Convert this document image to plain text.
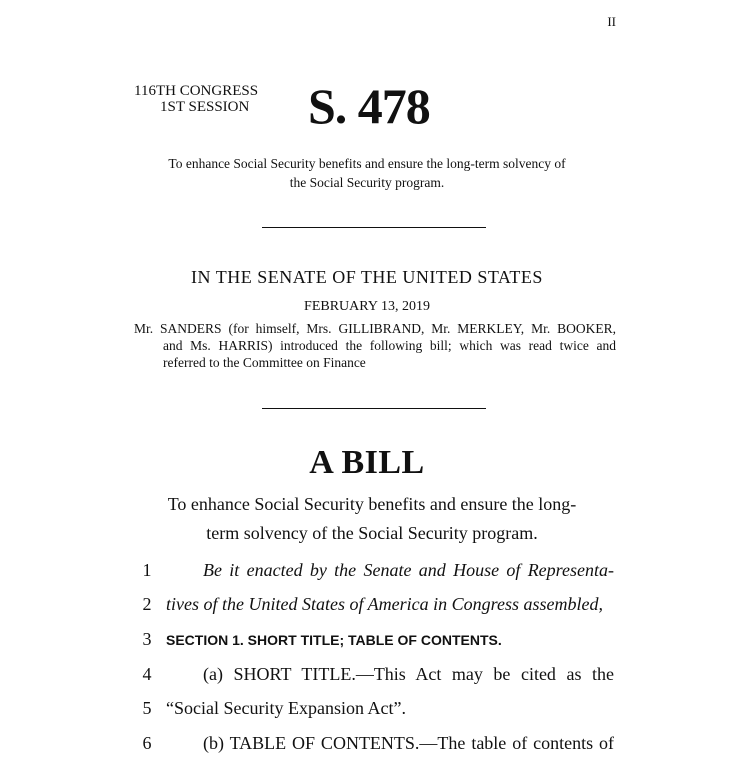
II
116TH CONGRESS
1ST SESSION S. 478
To enhance Social Security benefits and ensure the long-term solvency of
the Social Security program.
IN THE SENATE OF THE UNITED STATES
FEBRUARY 13, 2019
Mr. SANDERS (for himself, Mrs. GILLIBRAND, Mr. MERKLEY, Mr. BOOKER,
and Ms. HARRIS) introduced the following bill; which was read twice and
referred to the Committee on Finance
A BILL
To enhance Social Security benefits and ensure the long-
term solvency of the Social Security program.
1	Be it enacted by the Senate and House of Representa-
2 tives of the United States of America in Congress assembled,
3	SECTION 1. SHORT TITLE; TABLE OF CONTENTS.
4	(a) SHORT TITLE.—This Act may be cited as the
5 “Social Security Expansion Act”.
6	(b) TABLE OF CONTENTS.—The table of contents of
